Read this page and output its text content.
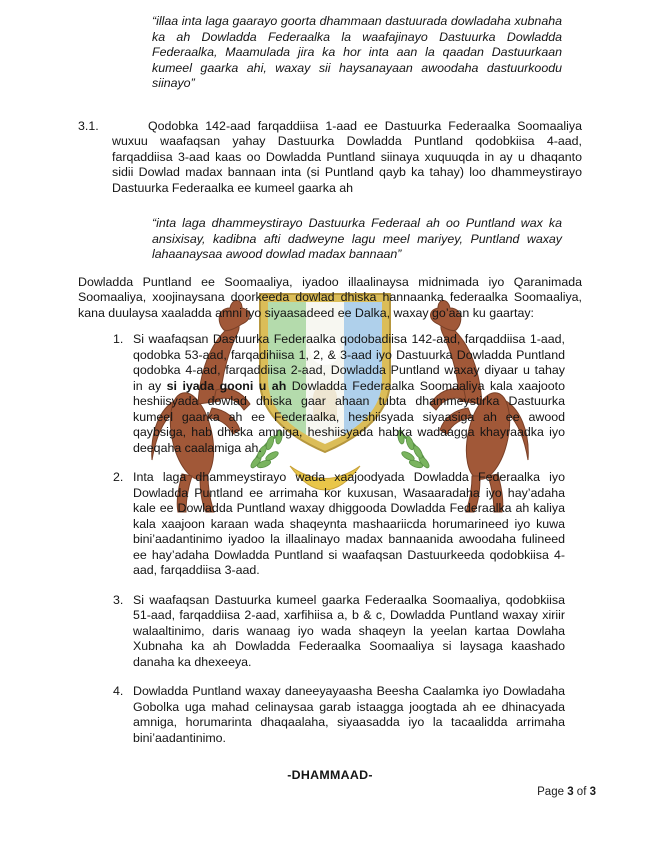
“illaa inta laga gaarayo goorta dhammaan dastuurada dowladaha xubnaha ka ah Dowladda Federaalka la waafajinayo Dastuurka Dowladda Federaalka, Maamulada jira ka hor inta aan la qaadan Dastuurkaan kumeel gaarka ahi, waxay sii haysanayaan awoodaha dastuurkoodu siinayo”

3.1.	Qodobka 142-aad farqaddiisa 1-aad ee Dastuurka Federaalka Soomaaliya wuxuu waafaqsan yahay Dastuurka Dowladda Puntland qodobkiisa 4-aad, farqaddiisa 3-aad kaas oo Dowladda Puntland siinaya xuquuqda in ay u dhaqanto sidii Dowlad madax bannaan inta (si Puntland qayb ka tahay) loo dhammeystirayo Dastuurka Federaalka ee kumeel gaarka ah

“inta laga dhammeystirayo Dastuurka Federaal ah oo Puntland wax ka ansixisay, kadibna afti dadweyne lagu meel mariyey, Puntland waxay lahaanaysaa awood dowlad madax bannaan”

Dowladda Puntland ee Soomaaliya, iyadoo illaalinaysa midnimada iyo Qaranimada Soomaaliya, xoojinaysana doorkeeda dowlad dhiska hannaanka federaalka Soomaaliya, kana duulaysa xaaladda amni iyo siyaasadeed ee Dalka, waxay go’aan ku gaartay:

1. Si waafaqsan Dastuurka Federaalka qodobadiisa 142-aad, farqaddiisa 1-aad, qodobka 53-aad, farqadihiisa 1, 2, & 3-aad iyo Dastuurka Dowladda Puntland qodobka 4-aad, farqaddiisa 2-aad, Dowladda Puntland waxay diyaar u tahay in ay si iyada gooni u ah Dowladda Federaalka Soomaaliya kala xaajooto heshiisyada dowlad dhiska gaar ahaan tubta dhammeystirka Dastuurka kumeel gaarka ah ee Federaalka, heshiisyada siyaasiga ah ee awood qaybsiga, hab dhiska amniga, heshiisyada habka wadaagga khayraadka iyo deeqaha caalamiga ah.

2. Inta laga dhammeystirayo wada xaajoodyada Dowladda Federaalka iyo Dowladda Puntland ee arrimaha kor kuxusan, Wasaaradaha iyo hay’adaha kale ee Dowladda Puntland waxay dhiggooda Dowladda Federaalka ah kaliya kala xaajoon karaan wada shaqeynta mashaariicda horumarineed iyo kuwa bini’aadantinimo iyadoo la illaalinayo madax bannaanida awoodaha fulineed ee hay’adaha Dowladda Puntland si waafaqsan Dastuurkeeda qodobkiisa 4-aad, farqaddiisa 3-aad.

3. Si waafaqsan Dastuurka kumeel gaarka Federaalka Soomaaliya, qodobkiisa 51-aad, farqaddiisa 2-aad, xarfihiisa a, b & c, Dowladda Puntland waxay xiriir walaaltinimo, daris wanaag iyo wada shaqeyn la yeelan kartaa Dowlaha Xubnaha ka ah Dowladda Federaalka Soomaaliya si laysaga kaashado danaha ka dhexeeya.

4. Dowladda Puntland waxay daneeyayaasha Beesha Caalamka iyo Dowladaha Gobolka uga mahad celinaysaa garab istaagga joogtada ah ee dhinacyada amniga, horumarinta dhaqaalaha, siyaasadda iyo la tacaalidda arrimaha bini’aadantinimo.

-DHAMMAAD-

Page 3 of 3
